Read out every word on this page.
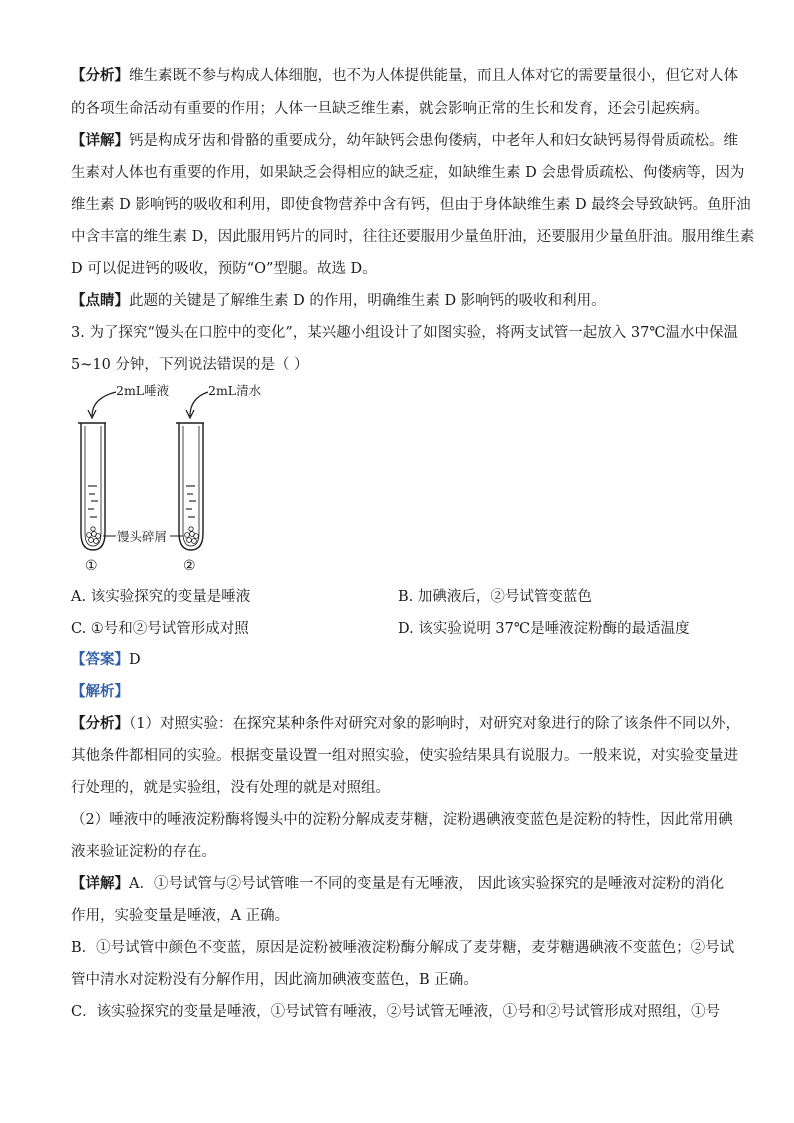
【分析】维生素既不参与构成人体细胞，也不为人体提供能量，而且人体对它的需要量很小，但它对人体
的各项生命活动有重要的作用；人体一旦缺乏维生素，就会影响正常的生长和发育，还会引起疾病。
【详解】钙是构成牙齿和骨骼的重要成分，幼年缺钙会患佝偻病，中老年人和妇女缺钙易得骨质疏松。维
生素对人体也有重要的作用，如果缺乏会得相应的缺乏症，如缺维生素 D 会患骨质疏松、佝偻病等，因为
维生素 D 影响钙的吸收和利用，即使食物营养中含有钙，但由于身体缺维生素 D 最终会导致缺钙。鱼肝油
中含丰富的维生素 D，因此服用钙片的同时，往往还要服用少量鱼肝油，还要服用少量鱼肝油。服用维生素
D 可以促进钙的吸收，预防“O”型腿。故选 D。
【点睛】此题的关键是了解维生素 D 的作用，明确维生素 D 影响钙的吸收和利用。
3. 为了探究“馒头在口腔中的变化”，某兴趣小组设计了如图实验，将两支试管一起放入 37℃温水中保温
5~10 分钟，下列说法错误的是（ ）
2mL唾液	2mL清水
馒头碎屑
①	②
A. 该实验探究的变量是唾液	B. 加碘液后，②号试管变蓝色
C. ①号和②号试管形成对照	D. 该实验说明 37℃是唾液淀粉酶的最适温度
【答案】D
【解析】
【分析】（1）对照实验：在探究某种条件对研究对象的影响时，对研究对象进行的除了该条件不同以外，
其他条件都相同的实验。根据变量设置一组对照实验，使实验结果具有说服力。一般来说，对实验变量进
行处理的，就是实验组，没有处理的就是对照组。
（2）唾液中的唾液淀粉酶将馒头中的淀粉分解成麦芽糖，淀粉遇碘液变蓝色是淀粉的特性，因此常用碘
液来验证淀粉的存在。
【详解】A．①号试管与②号试管唯一不同的变量是有无唾液， 因此该实验探究的是唾液对淀粉的消化
作用，实验变量是唾液，A 正确。
B．①号试管中颜色不变蓝，原因是淀粉被唾液淀粉酶分解成了麦芽糖，麦芽糖遇碘液不变蓝色；②号试
管中清水对淀粉没有分解作用，因此滴加碘液变蓝色，B 正确。
C．该实验探究的变量是唾液，①号试管有唾液，②号试管无唾液，①号和②号试管形成对照组，①号
